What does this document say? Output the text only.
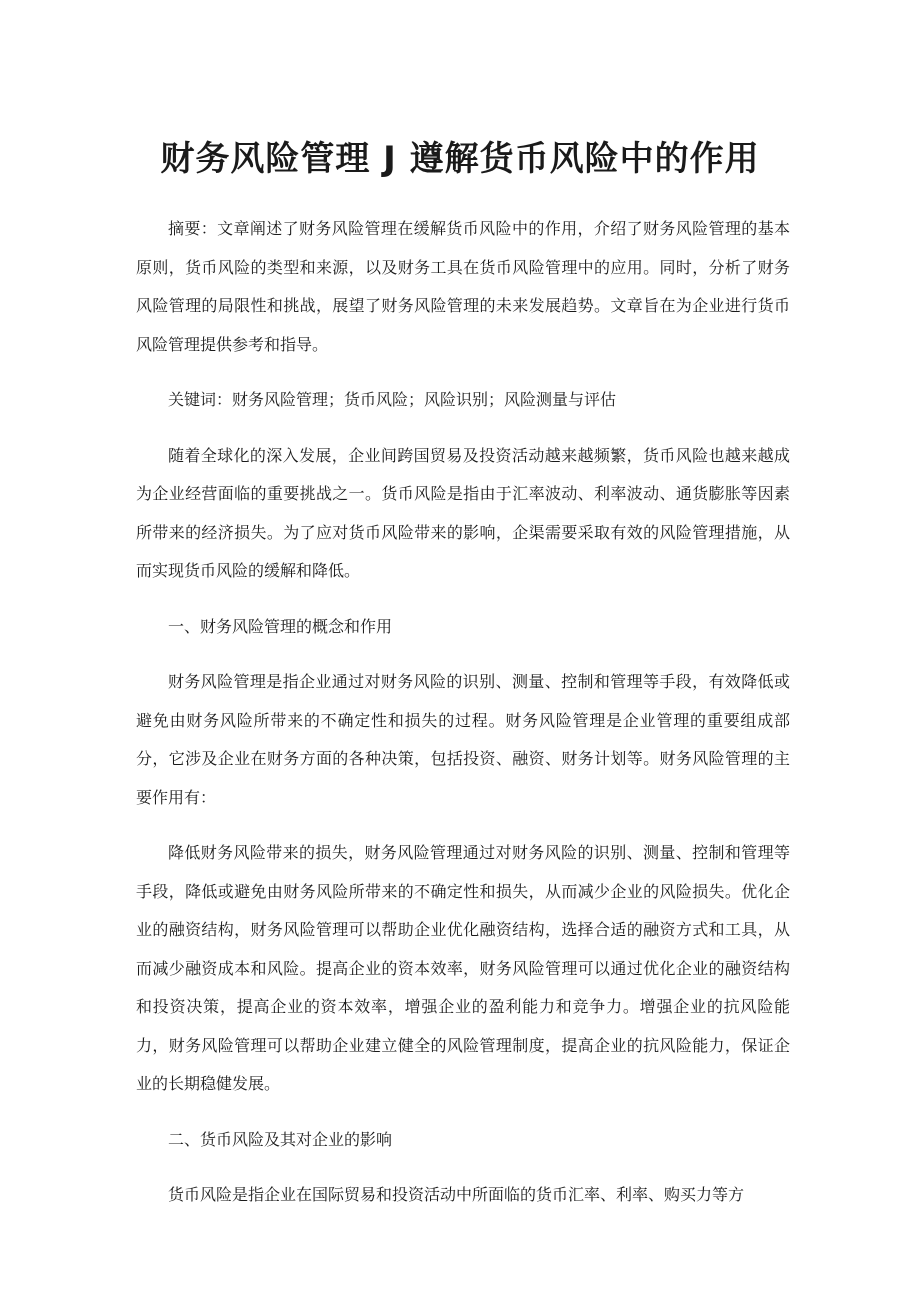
财务风险管理 J 遵解货币风险中的作用

摘要：文章阐述了财务风险管理在缓解货币风险中的作用，介绍了财务风险管理的基本原则，货币风险的类型和来源，以及财务工具在货币风险管理中的应用。同时，分析了财务风险管理的局限性和挑战，展望了财务风险管理的未来发展趋势。文章旨在为企业进行货币风险管理提供参考和指导。

关键词：财务风险管理；货币风险；风险识别；风险测量与评估

随着全球化的深入发展，企业间跨国贸易及投资活动越来越频繁，货币风险也越来越成为企业经营面临的重要挑战之一。货币风险是指由于汇率波动、利率波动、通货膨胀等因素所带来的经济损失。为了应对货币风险带来的影响，企渠需要采取有效的风险管理措施，从而实现货币风险的缓解和降低。

一、财务风险管理的概念和作用

财务风险管理是指企业通过对财务风险的识别、测量、控制和管理等手段，有效降低或避免由财务风险所带来的不确定性和损失的过程。财务风险管理是企业管理的重要组成部分，它涉及企业在财务方面的各种决策，包括投资、融资、财务计划等。财务风险管理的主要作用有：

降低财务风险带来的损失，财务风险管理通过对财务风险的识别、测量、控制和管理等手段，降低或避免由财务风险所带来的不确定性和损失，从而减少企业的风险损失。优化企业的融资结构，财务风险管理可以帮助企业优化融资结构，选择合适的融资方式和工具，从而减少融资成本和风险。提高企业的资本效率，财务风险管理可以通过优化企业的融资结构和投资决策，提高企业的资本效率，增强企业的盈利能力和竞争力。增强企业的抗风险能力，财务风险管理可以帮助企业建立健全的风险管理制度，提高企业的抗风险能力，保证企业的长期稳健发展。

二、货币风险及其对企业的影响

货币风险是指企业在国际贸易和投资活动中所面临的货币汇率、利率、购买力等方
